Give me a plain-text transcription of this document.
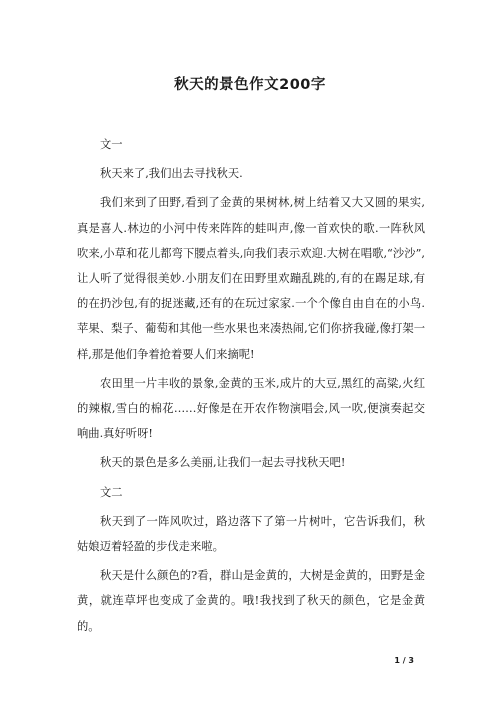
秋天的景色作文200字

文一

秋天来了,我们出去寻找秋天.

我们来到了田野,看到了金黄的果树林,树上结着又大又圆的果实,真是喜人.林边的小河中传来阵阵的蛙叫声,像一首欢快的歌.一阵秋风吹来,小草和花儿都弯下腰点着头,向我们表示欢迎.大树在唱歌,“沙沙”,让人听了觉得很美妙.小朋友们在田野里欢蹦乱跳的,有的在踢足球,有的在扔沙包,有的捉迷藏,还有的在玩过家家.一个个像自由自在的小鸟.苹果、梨子、葡萄和其他一些水果也来凑热闹,它们你挤我碰,像打架一样,那是他们争着抢着要人们来摘呢!

农田里一片丰收的景象,金黄的玉米,成片的大豆,黑红的高粱,火红的辣椒,雪白的棉花……好像是在开农作物演唱会,风一吹,便演奏起交响曲.真好听呀!

秋天的景色是多么美丽,让我们一起去寻找秋天吧!

文二

秋天到了一阵风吹过，路边落下了第一片树叶，它告诉我们，秋姑娘迈着轻盈的步伐走来啦。

秋天是什么颜色的?看，群山是金黄的，大树是金黄的，田野是金黄，就连草坪也变成了金黄的。哦!我找到了秋天的颜色，它是金黄的。

1 / 3
